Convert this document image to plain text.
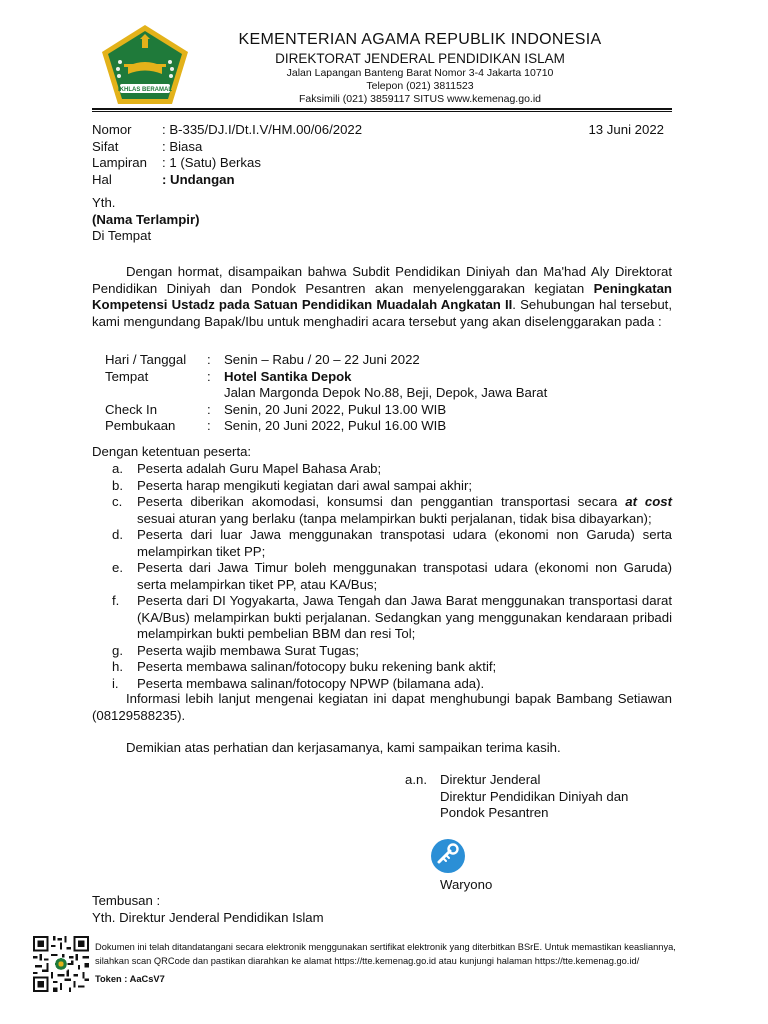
IKHLAS BERAMAL
KEMENTERIAN AGAMA REPUBLIK INDONESIA
DIREKTORAT JENDERAL PENDIDIKAN ISLAM
Jalan Lapangan Banteng Barat Nomor 3-4 Jakarta 10710
Telepon (021) 3811523
Faksimili (021) 3859117 SITUS www.kemenag.go.id
Nomor	: B-335/DJ.I/Dt.I.V/HM.00/06/2022	13 Juni 2022
Sifat	: Biasa
Lampiran	: 1 (Satu) Berkas
Hal	: Undangan
Yth.
(Nama Terlampir)
Di Tempat
Dengan hormat, disampaikan bahwa Subdit Pendidikan Diniyah dan Ma'had Aly Direktorat Pendidikan Diniyah dan Pondok Pesantren akan menyelenggarakan kegiatan Peningkatan Kompetensi Ustadz pada Satuan Pendidikan Muadalah Angkatan II. Sehubungan hal tersebut, kami mengundang Bapak/Ibu untuk menghadiri acara tersebut yang akan diselenggarakan pada :
Hari / Tanggal	:	Senin – Rabu / 20 – 22 Juni 2022
Tempat	:	Hotel Santika Depok
Jalan Margonda Depok No.88, Beji, Depok, Jawa Barat
Check In	:	Senin, 20 Juni 2022, Pukul 13.00 WIB
Pembukaan	:	Senin, 20 Juni 2022, Pukul 16.00 WIB
Dengan ketentuan peserta:
a.	Peserta adalah Guru Mapel Bahasa Arab;
b.	Peserta harap mengikuti kegiatan dari awal sampai akhir;
c.	Peserta diberikan akomodasi, konsumsi dan penggantian transportasi secara at cost sesuai aturan yang berlaku (tanpa melampirkan bukti perjalanan, tidak bisa dibayarkan);
d.	Peserta dari luar Jawa menggunakan transpotasi udara (ekonomi non Garuda) serta melampirkan tiket PP;
e.	Peserta dari Jawa Timur boleh menggunakan transpotasi udara (ekonomi non Garuda) serta melampirkan tiket PP, atau KA/Bus;
f.	Peserta dari DI Yogyakarta, Jawa Tengah dan Jawa Barat menggunakan transportasi darat (KA/Bus) melampirkan bukti perjalanan. Sedangkan yang menggunakan kendaraan pribadi melampirkan bukti pembelian BBM dan resi Tol;
g.	Peserta wajib membawa Surat Tugas;
h.	Peserta membawa salinan/fotocopy buku rekening bank aktif;
i.	Peserta membawa salinan/fotocopy NPWP (bilamana ada).
Informasi lebih lanjut mengenai kegiatan ini dapat menghubungi bapak Bambang Setiawan (08129588235).
Demikian atas perhatian dan kerjasamanya, kami sampaikan terima kasih.
a.n. Direktur Jenderal
Direktur Pendidikan Diniyah dan
Pondok Pesantren
Waryono
Tembusan :
Yth. Direktur Jenderal Pendidikan Islam
Dokumen ini telah ditandatangani secara elektronik menggunakan sertifikat elektronik yang diterbitkan BSrE. Untuk memastikan keasliannya,
silahkan scan QRCode dan pastikan diarahkan ke alamat https://tte.kemenag.go.id atau kunjungi halaman https://tte.kemenag.go.id/
Token : AaCsV7
